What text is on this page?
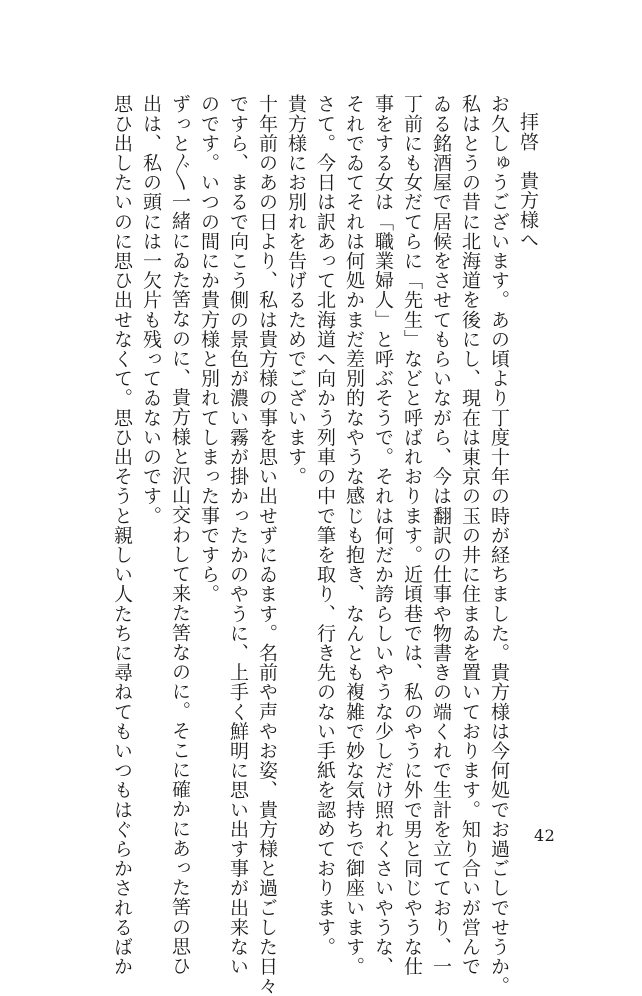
拝啓　貴方様へ
お久しゅうございます。あの頃より丁度十年の時が経ちました。貴方様は今何処でお過ごしでせうか。
私はとうの昔に北海道を後にし、現在は東京の玉の井に住まゐを置いております。知り合いが営んで
ゐる銘酒屋で居候をさせてもらいながら、今は翻訳の仕事や物書きの端くれで生計を立てており、一
丁前にも女だてらに「先生」などと呼ばれおります。近頃巷では、私のやうに外で男と同じやうな仕
事をする女は「職業婦人」と呼ぶそうで。それは何だか誇らしいやうな少しだけ照れくさいやうな、
それでゐてそれは何処かまだ差別的なやうな感じも抱き、なんとも複雑で妙な気持ちで御座います。
さて。今日は訳あって北海道へ向かう列車の中で筆を取り、行き先のない手紙を認めております。
貴方様にお別れを告げるためでございます。
十年前のあの日より、私は貴方様の事を思い出せずにゐます。名前や声やお姿、貴方様と過ごした日々
ですら、まるで向こう側の景色が濃い霧が掛かったかのやうに、上手く鮮明に思い出す事が出来ない
のです。いつの間にか貴方様と別れてしまった事ですら。
ずっと〴〵一緒にゐた筈なのに、貴方様と沢山交わして来た筈なのに。そこに確かにあった筈の思ひ
出は、私の頭には一欠片も残ってゐないのです。
思ひ出したいのに思ひ出せなくて。思ひ出そうと親しい人たちに尋ねてもいつもはぐらかされるばか	42
